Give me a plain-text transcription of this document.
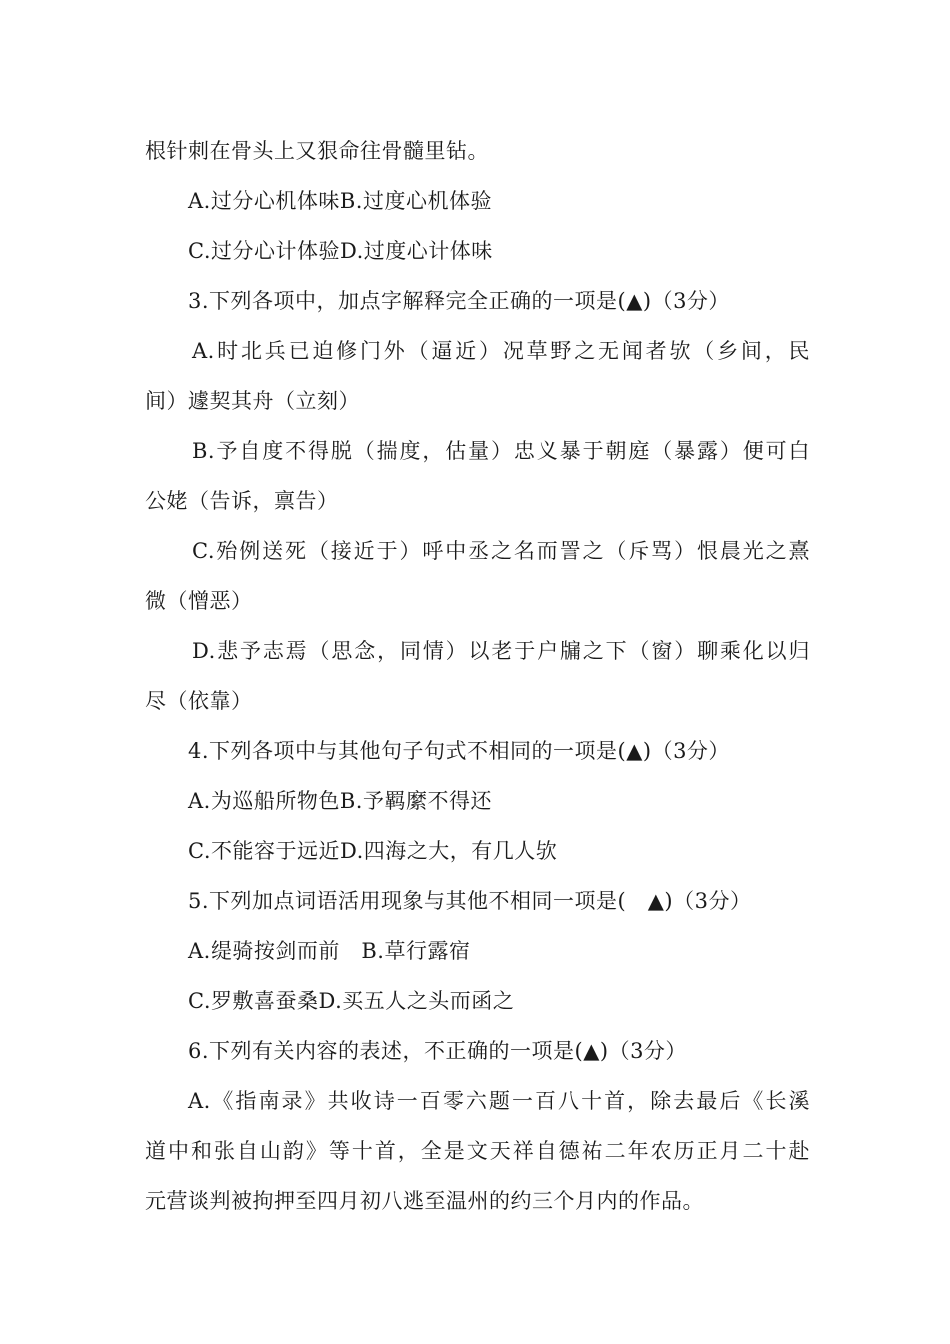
根针刺在骨头上又狠命往骨髓里钻。
A.过分心机体味B.过度心机体验
C.过分心计体验D.过度心计体味
3.下列各项中，加点字解释完全正确的一项是(▲)（3分）
A.时北兵已迫修门外（逼近）况草野之无闻者欤（乡间，民
间）遽契其舟（立刻）
B.予自度不得脱（揣度，估量）忠义暴于朝庭（暴露）便可白
公姥（告诉，禀告）
C.殆例送死（接近于）呼中丞之名而詈之（斥骂）恨晨光之熹
微（憎恶）
D.悲予志焉（思念，同情）以老于户牖之下（窗）聊乘化以归
尽（依靠）
4.下列各项中与其他句子句式不相同的一项是(▲)（3分）
A.为巡船所物色B.予羁縻不得还
C.不能容于远近D.四海之大，有几人欤
5.下列加点词语活用现象与其他不相同一项是(   ▲)（3分）
A.缇骑按剑而前   B.草行露宿
C.罗敷喜蚕桑D.买五人之头而函之
6.下列有关内容的表述，不正确的一项是(▲)（3分）
A.《指南录》共收诗一百零六题一百八十首，除去最后《长溪
道中和张自山韵》等十首，全是文天祥自德祐二年农历正月二十赴
元营谈判被拘押至四月初八逃至温州的约三个月内的作品。
